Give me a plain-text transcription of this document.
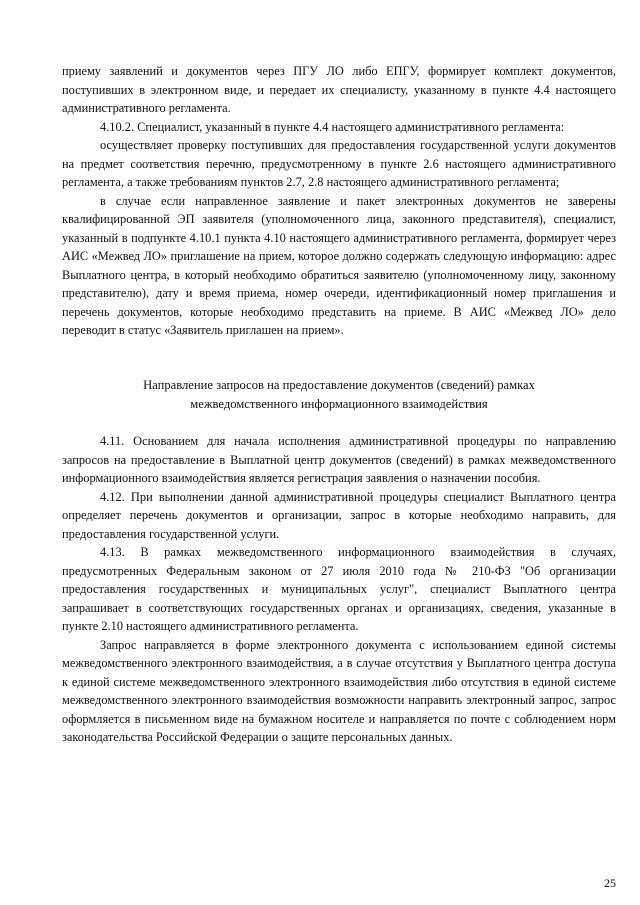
приему заявлений и документов через ПГУ ЛО либо ЕПГУ, формирует комплект документов, поступивших в электронном виде, и передает их специалисту, указанному в пункте 4.4 настоящего административного регламента.

4.10.2. Специалист, указанный в пункте 4.4 настоящего административного регламента:

осуществляет проверку поступивших для предоставления государственной услуги документов на предмет соответствия перечню, предусмотренному в пункте 2.6 настоящего административного регламента, а также требованиям пунктов 2.7, 2.8 настоящего административного регламента;

в случае если направленное заявление и пакет электронных документов не заверены квалифицированной ЭП заявителя (уполномоченного лица, законного представителя), специалист, указанный в подпункте 4.10.1 пункта 4.10 настоящего административного регламента, формирует через АИС «Межвед ЛО» приглашение на прием, которое должно содержать следующую информацию: адрес Выплатного центра, в который необходимо обратиться заявителю (уполномоченному лицу, законному представителю), дату и время приема, номер очереди, идентификационный номер приглашения и перечень документов, которые необходимо представить на приеме. В АИС «Межвед ЛО» дело переводит в статус «Заявитель приглашен на прием».

Направление запросов на предоставление документов (сведений) рамках
межведомственного информационного взаимодействия

4.11. Основанием для начала исполнения административной процедуры по направлению запросов на предоставление в Выплатной центр документов (сведений) в рамках межведомственного информационного взаимодействия является регистрация заявления о назначении пособия.

4.12. При выполнении данной административной процедуры специалист Выплатного центра определяет перечень документов и организации, запрос в которые необходимо направить, для предоставления государственной услуги.

4.13. В рамках межведомственного информационного взаимодействия в случаях, предусмотренных Федеральным законом от 27 июля 2010 года № 210-ФЗ "Об организации предоставления государственных и муниципальных услуг", специалист Выплатного центра запрашивает в соответствующих государственных органах и организациях, сведения, указанные в пункте 2.10 настоящего административного регламента.

Запрос направляется в форме электронного документа с использованием единой системы межведомственного электронного взаимодействия, а в случае отсутствия у Выплатного центра доступа к единой системе межведомственного электронного взаимодействия либо отсутствия в единой системе межведомственного электронного взаимодействия возможности направить электронный запрос, запрос оформляется в письменном виде на бумажном носителе и направляется по почте с соблюдением норм законодательства Российской Федерации о защите персональных данных.

25
